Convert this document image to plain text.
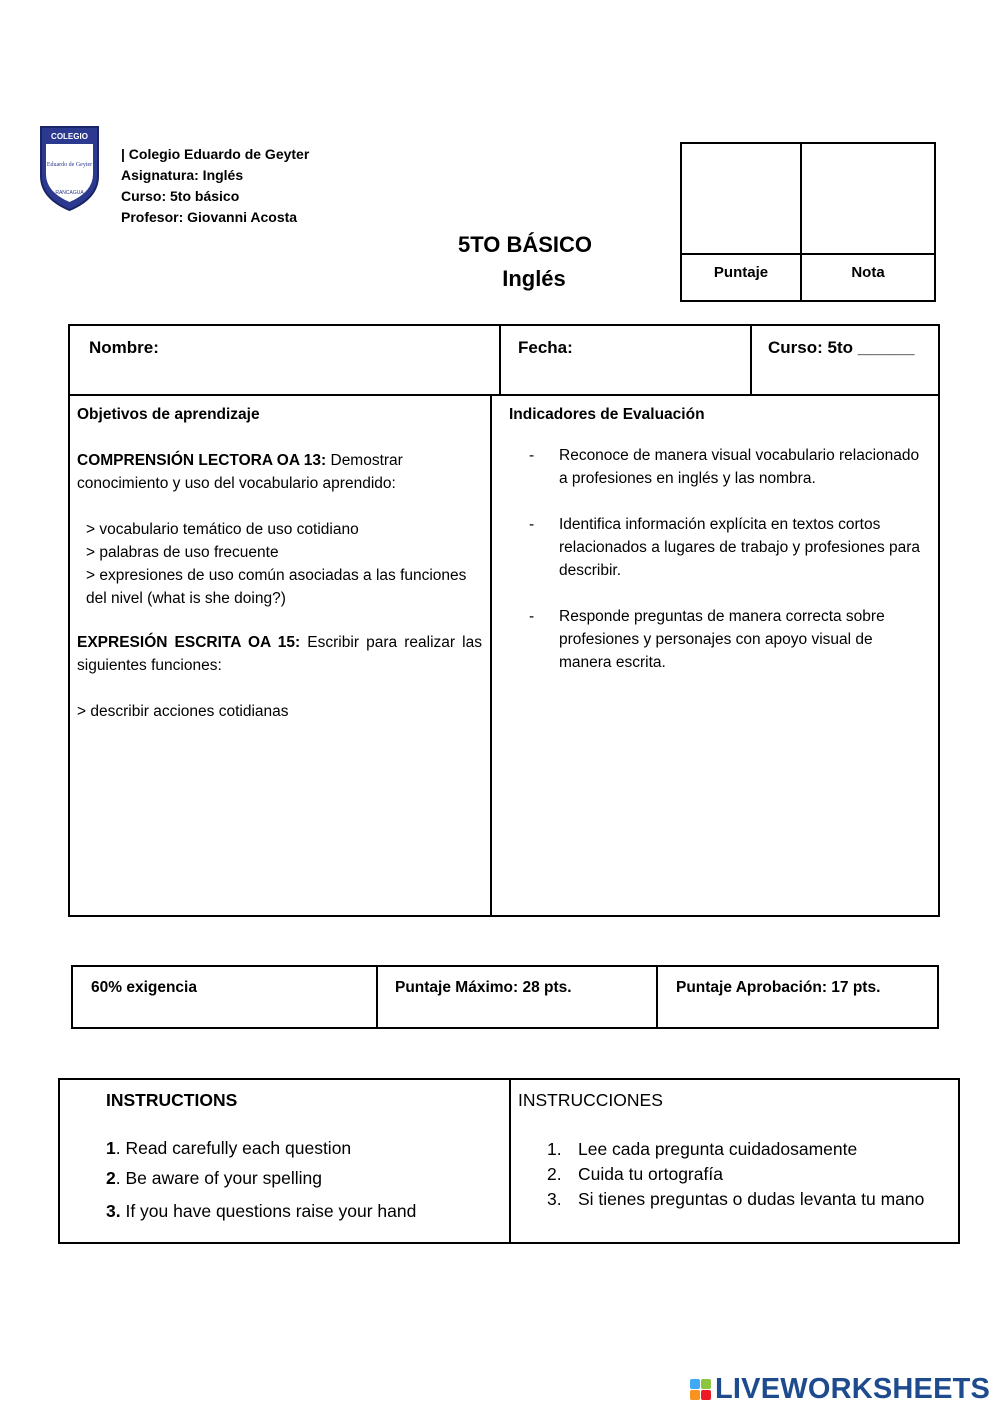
COLEGIO
Eduardo de Geyter
RANCAGUA
| Colegio Eduardo de Geyter
Asignatura: Inglés
Curso: 5to básico
Profesor: Giovanni Acosta
5TO BÁSICO
Inglés	Puntaje	Nota
Nombre:	Fecha:	Curso: 5to ______

Objetivos de aprendizaje

COMPRENSIÓN LECTORA OA 13: Demostrar conocimiento y uso del vocabulario aprendido:

> vocabulario temático de uso cotidiano

> palabras de uso frecuente

> expresiones de uso común asociadas a las funciones del nivel (what is she doing?)

EXPRESIÓN ESCRITA OA 15: Escribir para realizar las siguientes funciones:

> describir acciones cotidianas

Indicadores de Evaluación

- Reconoce de manera visual vocabulario relacionado a profesiones en inglés y las nombra.
- Identifica información explícita en textos cortos relacionados a lugares de trabajo y profesiones para describir.
- Responde preguntas de manera correcta sobre profesiones y personajes con apoyo visual de manera escrita.
60% exigencia	Puntaje Máximo: 28 pts.	Puntaje Aprobación: 17 pts.
INSTRUCTIONS
1. Read carefully each question
2. Be aware of your spelling
3. If you have questions raise your hand
INSTRUCCIONES
1. Lee cada pregunta cuidadosamente
2. Cuida tu ortografía
3. Si tienes preguntas o dudas levanta tu mano
LIVEWORKSHEETS
